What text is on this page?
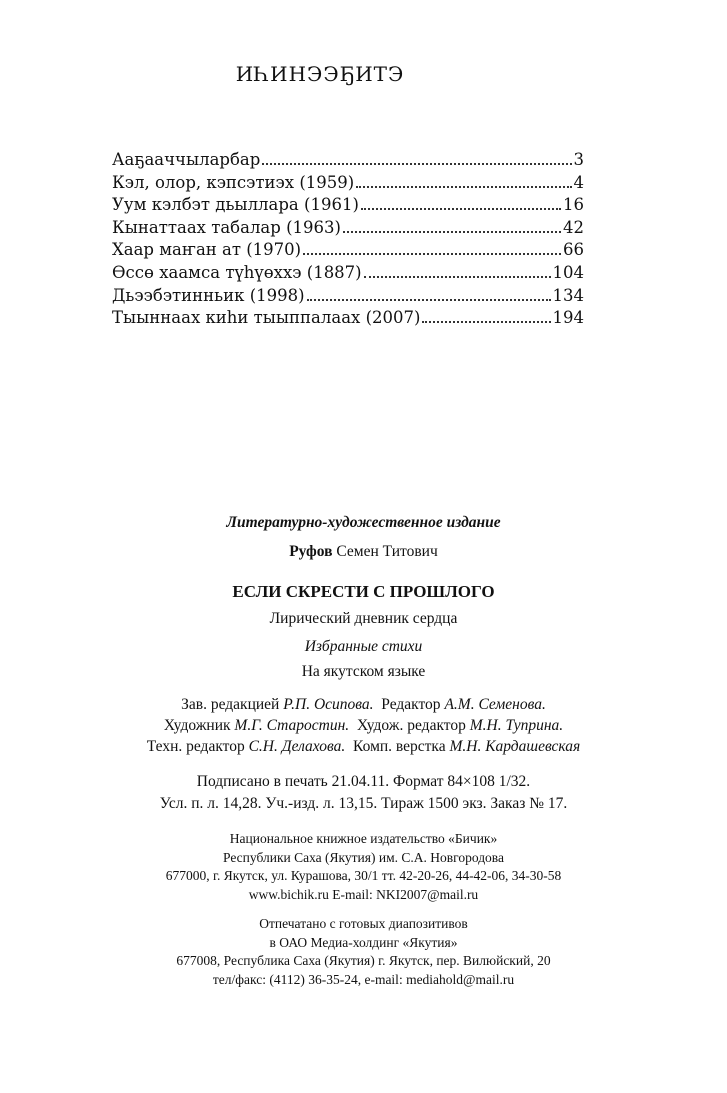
ИҺИНЭЭҔИТЭ
Ааҕааччыларбар	3
Кэл, олор, кэпсэтиэх (1959)	4
Уум кэлбэт дьыллара (1961)	16
Кынаттаах табалар (1963)	42
Хаар маҥан ат (1970)	66
Өссө хаамса түһүөххэ (1887)	104
Дьээбэтинньик (1998)	134
Тыыннаах киһи тыыппалаах (2007)	194
Литературно-художественное издание
Руфов Семен Титович
ЕСЛИ СКРЕСТИ С ПРОШЛОГО
Лирический дневник сердца
Избранные стихи
На якутском языке
Зав. редакцией Р.П. Осипова.  Редактор А.М. Семенова.
Художник М.Г. Старостин.  Худож. редактор М.Н. Туприна.
Техн. редактор С.Н. Делахова.  Комп. верстка М.Н. Кардашевская
Подписано в печать 21.04.11. Формат 84×108 1/32.
Усл. п. л. 14,28. Уч.-изд. л. 13,15. Тираж 1500 экз. Заказ № 17.
Национальное книжное издательство «Бичик»
Республики Саха (Якутия) им. С.А. Новгородова
677000, г. Якутск, ул. Курашова, 30/1 тт. 42-20-26, 44-42-06, 34-30-58
www.bichik.ru E-mail: NKI2007@mail.ru
Отпечатано с готовых диапозитивов
в ОАО Медиа-холдинг «Якутия»
677008, Республика Саха (Якутия) г. Якутск, пер. Вилюйский, 20
тел/факс: (4112) 36-35-24, e-mail: mediahold@mail.ru
